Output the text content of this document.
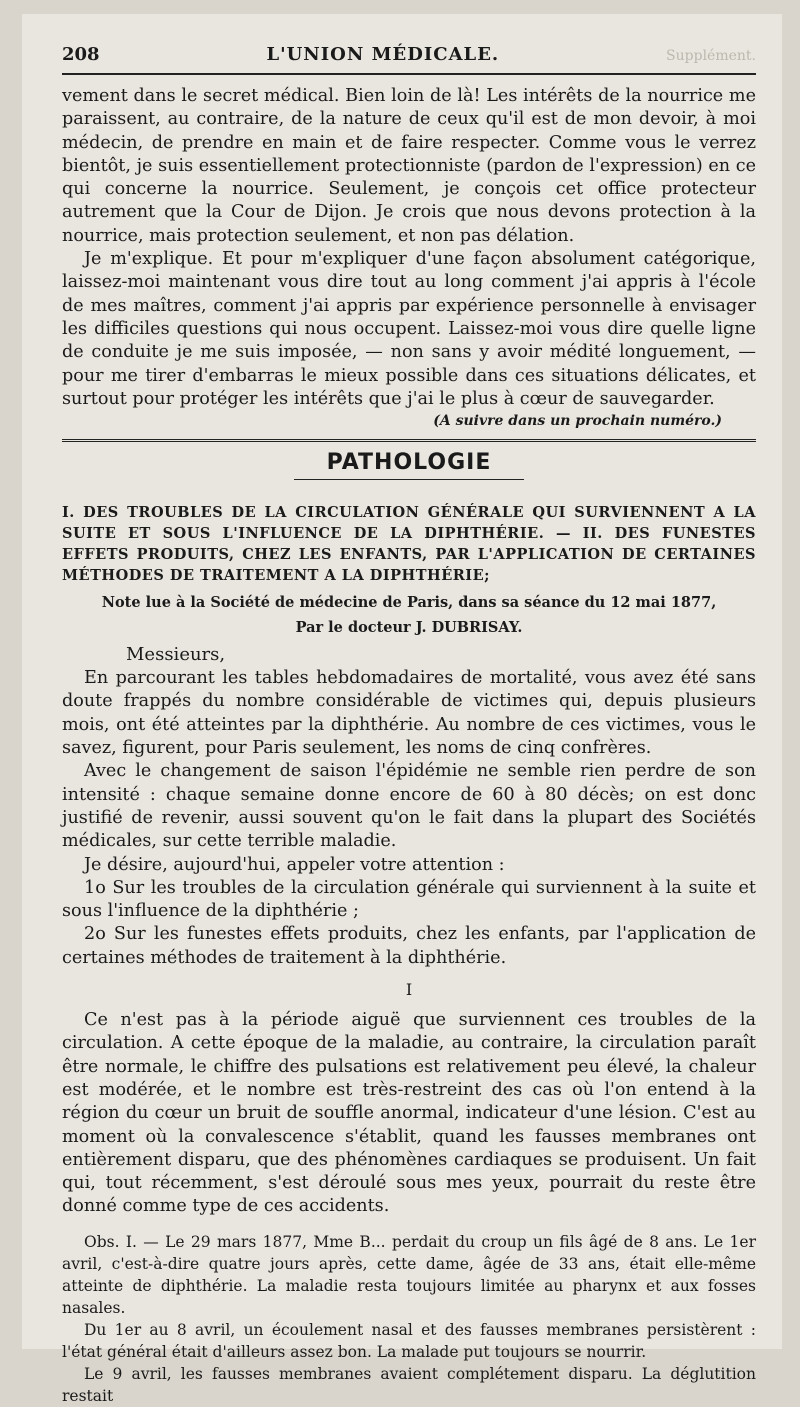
208	L'UNION MÉDICALE.	Supplément.

vement dans le secret médical. Bien loin de là! Les intérêts de la nourrice me paraissent, au contraire, de la nature de ceux qu'il est de mon devoir, à moi médecin, de prendre en main et de faire respecter. Comme vous le verrez bientôt, je suis essentiellement protectionniste (pardon de l'expression) en ce qui concerne la nourrice. Seulement, je conçois cet office protecteur autrement que la Cour de Dijon. Je crois que nous devons protection à la nourrice, mais protection seulement, et non pas délation.

Je m'explique. Et pour m'expliquer d'une façon absolument catégorique, laissez-moi maintenant vous dire tout au long comment j'ai appris à l'école de mes maîtres, comment j'ai appris par expérience personnelle à envisager les difficiles questions qui nous occupent. Laissez-moi vous dire quelle ligne de conduite je me suis imposée, — non sans y avoir médité longuement, — pour me tirer d'embarras le mieux possible dans ces situations délicates, et surtout pour protéger les intérêts que j'ai le plus à cœur de sauvegarder.

(A suivre dans un prochain numéro.)
PATHOLOGIE
I. DES TROUBLES DE LA CIRCULATION GÉNÉRALE QUI SURVIENNENT A LA SUITE ET SOUS L'INFLUENCE DE LA DIPHTHÉRIE. — II. DES FUNESTES EFFETS PRODUITS, CHEZ LES ENFANTS, PAR L'APPLICATION DE CERTAINES MÉTHODES DE TRAITEMENT A LA DIPHTHÉRIE;
Note lue à la Société de médecine de Paris, dans sa séance du 12 mai 1877,
Par le docteur J. DUBRISAY.
Messieurs,

En parcourant les tables hebdomadaires de mortalité, vous avez été sans doute frappés du nombre considérable de victimes qui, depuis plusieurs mois, ont été atteintes par la diphthérie. Au nombre de ces victimes, vous le savez, figurent, pour Paris seulement, les noms de cinq confrères.

Avec le changement de saison l'épidémie ne semble rien perdre de son intensité : chaque semaine donne encore de 60 à 80 décès; on est donc justifié de revenir, aussi souvent qu'on le fait dans la plupart des Sociétés médicales, sur cette terrible maladie.

Je désire, aujourd'hui, appeler votre attention :

1o Sur les troubles de la circulation générale qui surviennent à la suite et sous l'influence de la diphthérie ;

2o Sur les funestes effets produits, chez les enfants, par l'application de certaines méthodes de traitement à la diphthérie.

I

Ce n'est pas à la période aiguë que surviennent ces troubles de la circulation. A cette époque de la maladie, au contraire, la circulation paraît être normale, le chiffre des pulsations est relativement peu élevé, la chaleur est modérée, et le nombre est très-restreint des cas où l'on entend à la région du cœur un bruit de souffle anormal, indicateur d'une lésion. C'est au moment où la convalescence s'établit, quand les fausses membranes ont entièrement disparu, que des phénomènes cardiaques se produisent. Un fait qui, tout récemment, s'est déroulé sous mes yeux, pourrait du reste être donné comme type de ces accidents.

Obs. I. — Le 29 mars 1877, Mme B... perdait du croup un fils âgé de 8 ans. Le 1er avril, c'est-à-dire quatre jours après, cette dame, âgée de 33 ans, était elle-même atteinte de diphthérie. La maladie resta toujours limitée au pharynx et aux fosses nasales.

Du 1er au 8 avril, un écoulement nasal et des fausses membranes persistèrent : l'état général était d'ailleurs assez bon. La malade put toujours se nourrir.

Le 9 avril, les fausses membranes avaient complétement disparu. La déglutition restait
